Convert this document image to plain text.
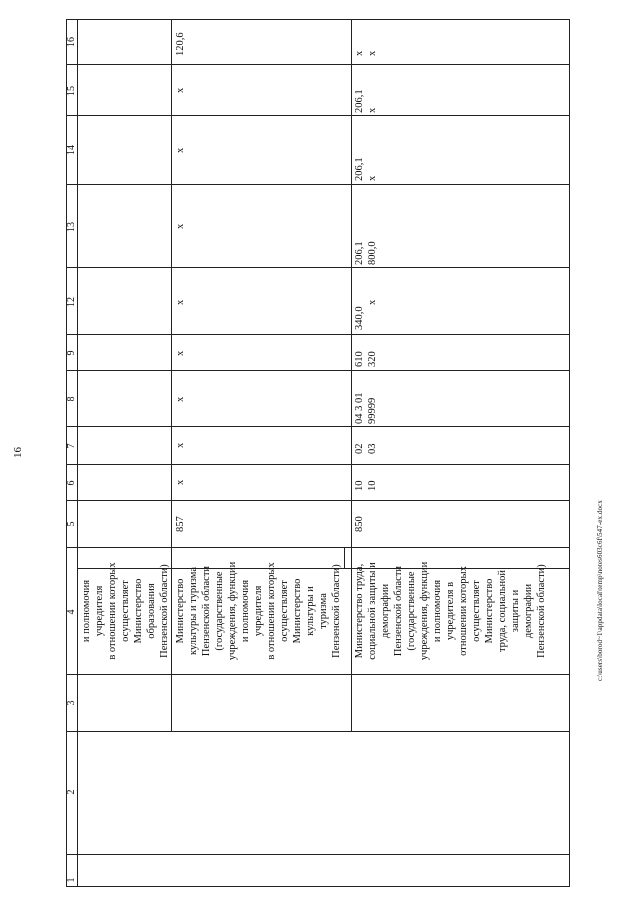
16
c:\users\borod~1\appdata\local\temp\notes603c6f\547-ex.docx
1
2
3
4
5
6
7
8
9
12
13
14
15
16
и полномочия
учредителя
в отношении которых
осуществляет
Министерство
образования
Пензенской области) Министерство
культуры и туризма
Пензенской области
(государственные
учреждения, функции
и полномочия
учредителя
в отношении которых
осуществляет
Министерство
культуры и
туризма
Пензенской области)
857
x
x
x
x
x
x
x
x
120,6
Министерство труда,
социальной защиты и
демографии
Пензенской области
(государственные
учреждения, функции
и полномочия
учредителя в
отношении которых
осуществляет
Министерство
труда, социальной
защиты и
демографии
Пензенской области)
850
10 10
02 03
04 3 01 99999
610 320
340,0
x
206,1 800,0
206,1 x
206,1 x
x x
